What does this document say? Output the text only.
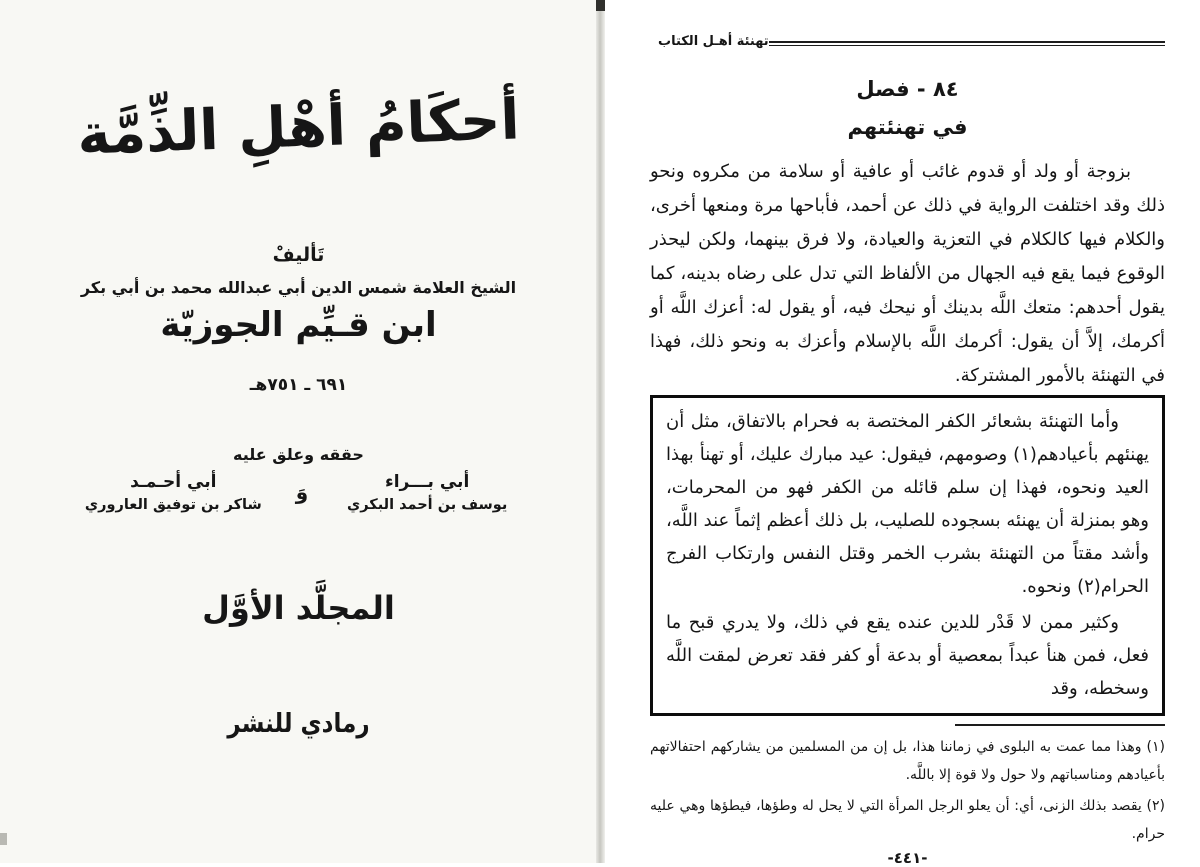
أحكَامُ أهْلِ الذِّمَّة
تَأليفْ
الشيخ العلامة شمس الدين أبي عبدالله محمد بن أبي بكر
ابن قـيِّم الجوزيّة
٦٩١ ـ ٧٥١هـ
حققه وعلق عليه
أبي بـــراء
يوسف بن أحمد البكري
وَ
أبي أحـمـد
شاكر بن توفيق العاروري
المجلَّد الأوَّل
رمادي للنشر
تهنئة أهـل الكتاب
٨٤ - فصل
في تهنئتهم

بزوجة أو ولد أو قدوم غائب أو عافية أو سلامة من مكروه ونحو ذلك وقد اختلفت الرواية في ذلك عن أحمد، فأباحها مرة ومنعها أخرى، والكلام فيها كالكلام في التعزية والعيادة، ولا فرق بينهما، ولكن ليحذر الوقوع فيما يقع فيه الجهال من الألفاظ التي تدل على رضاه بدينه، كما يقول أحدهم: متعك اللَّه بدينك أو نيحك فيه، أو يقول له: أعزك اللَّه أو أكرمك، إلاَّ أن يقول: أكرمك اللَّه بالإسلام وأعزك به ونحو ذلك، فهذا في التهنئة بالأمور المشتركة.

وأما التهنئة بشعائر الكفر المختصة به فحرام بالاتفاق، مثل أن يهنئهم بأعيادهم(١) وصومهم، فيقول: عيد مبارك عليك، أو تهنأ بهذا العيد ونحوه، فهذا إن سلم قائله من الكفر فهو من المحرمات، وهو بمنزلة أن يهنئه بسجوده للصليب، بل ذلك أعظم إثماً عند اللَّه، وأشد مقتاً من التهنئة بشرب الخمر وقتل النفس وارتكاب الفرج الحرام(٢) ونحوه.

وكثير ممن لا قَدْر للدين عنده يقع في ذلك، ولا يدري قبح ما فعل، فمن هنأ عبداً بمعصية أو بدعة أو كفر فقد تعرض لمقت اللَّه وسخطه، وقد

(١) وهذا مما عمت به البلوى في زماننا هذا، بل إن من المسلمين من يشاركهم احتفالاتهم بأعيادهم ومناسباتهم ولا حول ولا قوة إلا باللَّه.

(٢) يقصد بذلك الزنى، أي: أن يعلو الرجل المرأة التي لا يحل له وطؤها، فيطؤها وهي عليه حرام.

-٤٤١-
